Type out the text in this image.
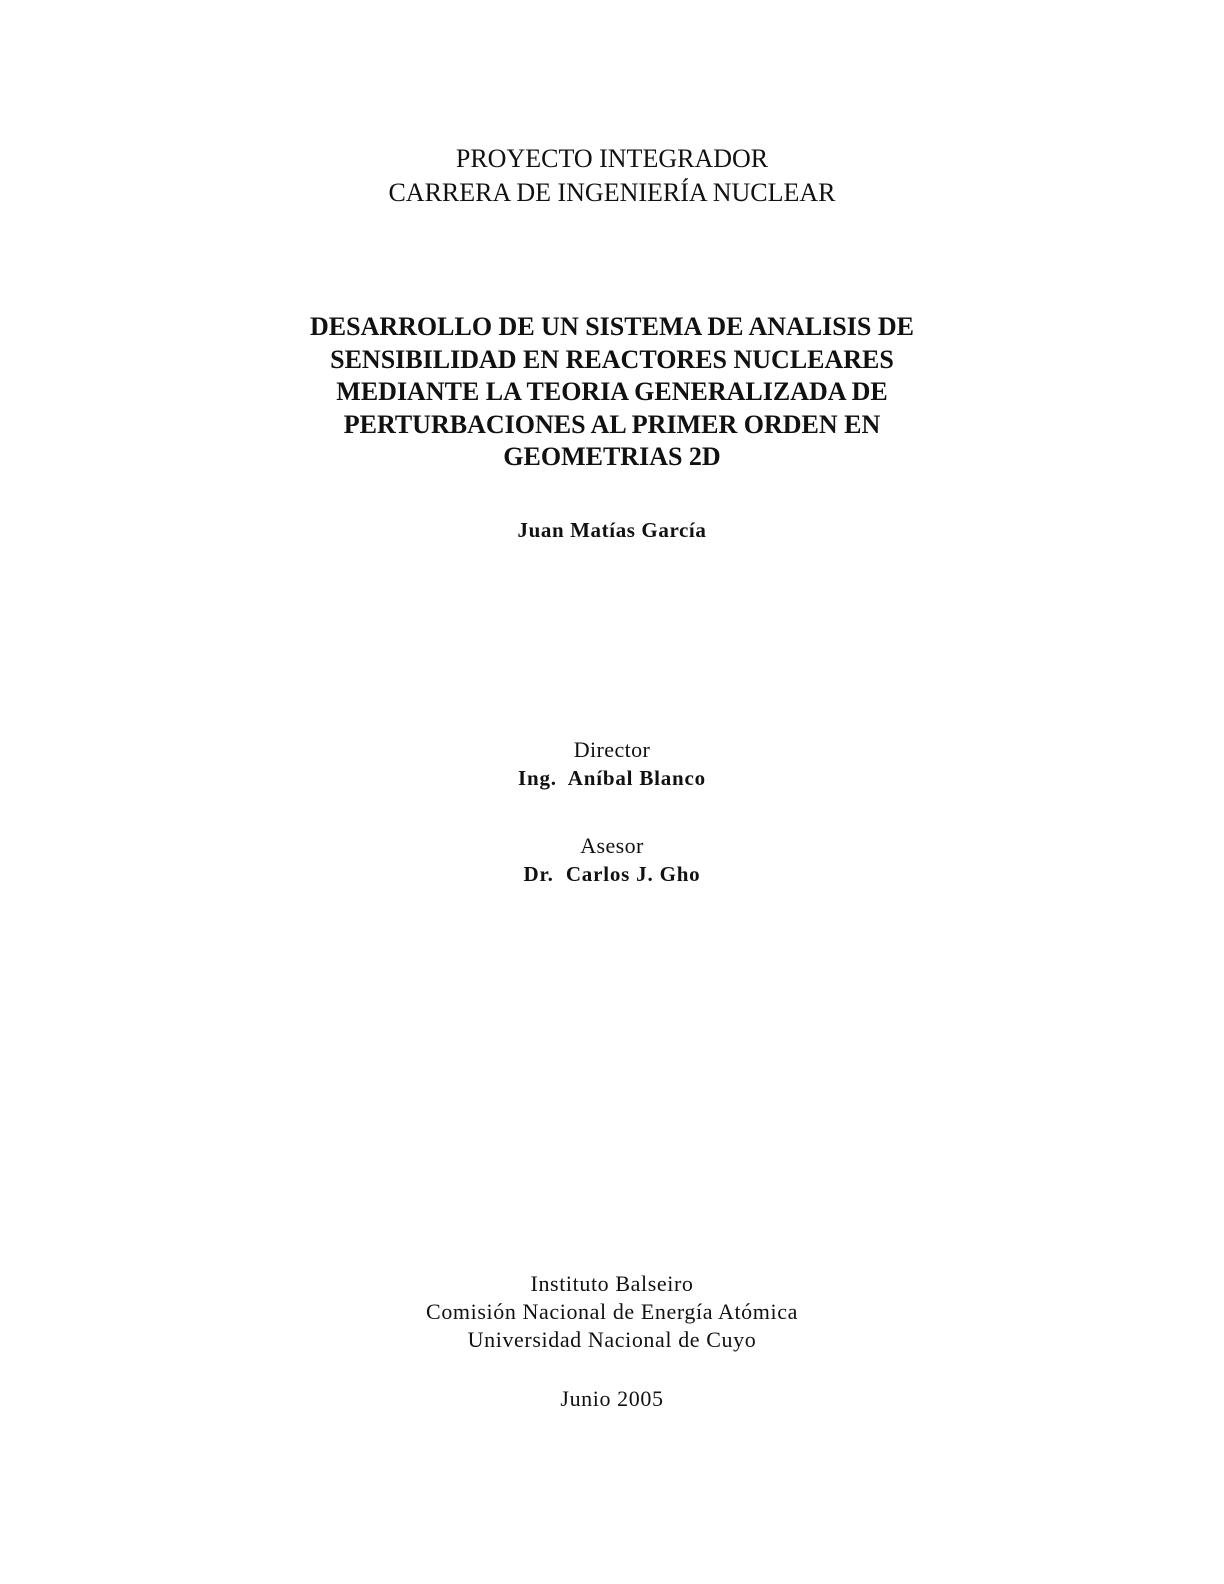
PROYECTO INTEGRADOR
CARRERA DE INGENIERÍA NUCLEAR
DESARROLLO DE UN SISTEMA DE ANALISIS DE
SENSIBILIDAD EN REACTORES NUCLEARES
MEDIANTE LA TEORIA GENERALIZADA DE
PERTURBACIONES AL PRIMER ORDEN EN
GEOMETRIAS 2D
Juan Matías García
Director
Ing.  Aníbal Blanco
Asesor
Dr.  Carlos J. Gho
Instituto Balseiro
Comisión Nacional de Energía Atómica
Universidad Nacional de Cuyo
Junio 2005
